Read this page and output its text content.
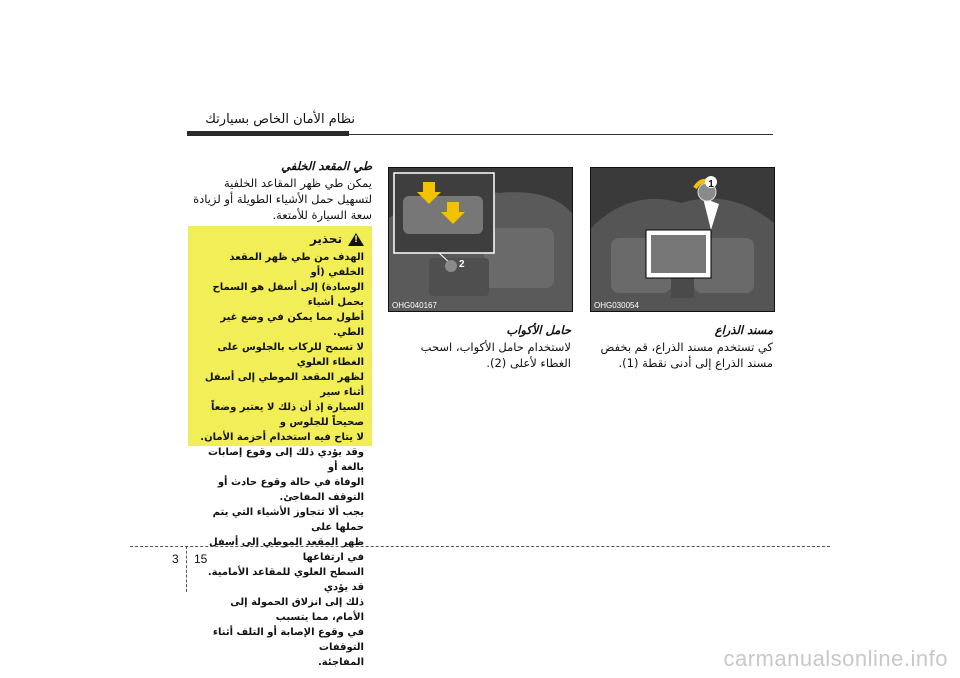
نظام الأمان الخاص بسيارتك
1
OHG030054
مسند الذراع

كي تستخدم مسند الذراع، قم بخفض مسند الذراع إلى أدنى نقطة (1).

2
OHG040167
حامل الأكواب

لاستخدام حامل الأكواب، اسحب الغطاء لأعلى (2).

طي المقعد الخلفي

يمكن طي ظهر المقاعد الخلفية لتسهيل حمل الأشياء الطويلة أو لزيادة سعة السيارة للأمتعة.

!
تحذير
الهدف من طي ظهر المقعد الخلفي (أو
الوسادة) إلى أسفل هو السماح بحمل أشياء
أطول مما يمكن في وضع غير الطي.
لا تسمح للركاب بالجلوس على الغطاء العلوي
لظهر المقعد الموطي إلى أسفل أثناء سير
السيارة إذ أن ذلك لا يعتبر وضعاً صحيحاً للجلوس و
لا يتاح فيه استخدام أحزمة الأمان.
وقد يؤدي ذلك إلى وقوع إصابات بالغة أو
الوفاة في حالة وقوع حادث أو التوقف المفاجئ.
يجب ألا تتجاوز الأشياء التي يتم حملها على
ظهر المقعد الموطي إلى أسفل في ارتفاعها
السطح العلوي للمقاعد الأمامية. قد يؤدي
ذلك إلى انزلاق الحمولة إلى الأمام، مما يتسبب
في وقوع الإصابة أو التلف أثناء التوقفات
المفاجئة.
3 15
carmanualsonline.info
